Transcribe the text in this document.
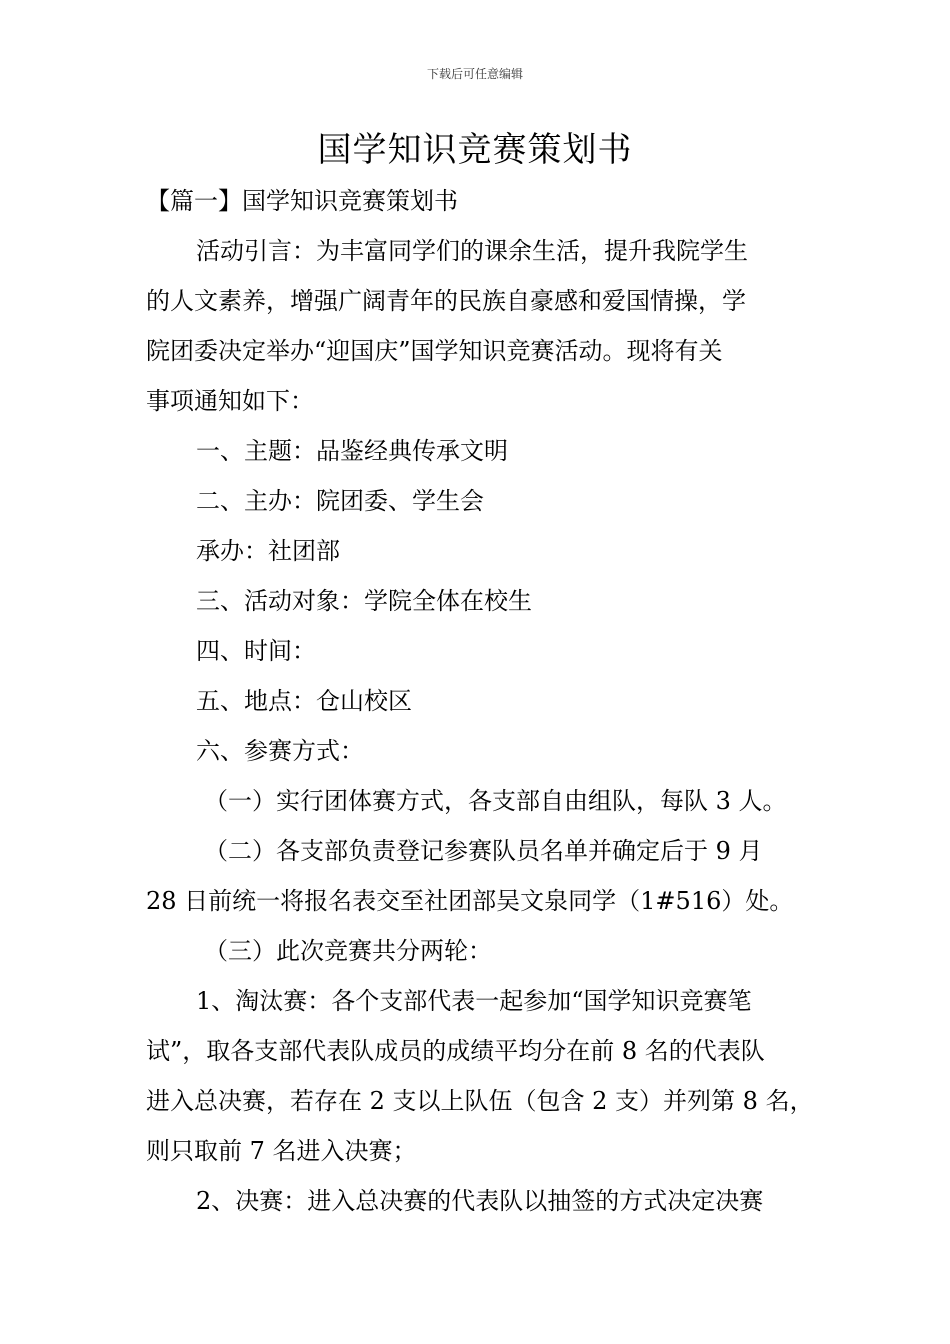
下载后可任意编辑
国学知识竞赛策划书

【篇一】国学知识竞赛策划书

活动引言：为丰富同学们的课余生活，提升我院学生

的人文素养，增强广阔青年的民族自豪感和爱国情操，学

院团委决定举办“迎国庆”国学知识竞赛活动。现将有关

事项通知如下：

一、主题：品鉴经典传承文明

二、主办：院团委、学生会

承办：社团部

三、活动对象：学院全体在校生

四、时间：

五、地点：仓山校区

六、参赛方式：

（一）实行团体赛方式，各支部自由组队，每队 3 人。

（二）各支部负责登记参赛队员名单并确定后于 9 月

28 日前统一将报名表交至社团部吴文泉同学（1#516）处。

（三）此次竞赛共分两轮：

1、淘汰赛：各个支部代表一起参加“国学知识竞赛笔

试”，取各支部代表队成员的成绩平均分在前 8 名的代表队

进入总决赛，若存在 2 支以上队伍（包含 2 支）并列第 8 名，

则只取前 7 名进入决赛；

2、决赛：进入总决赛的代表队以抽签的方式决定决赛
